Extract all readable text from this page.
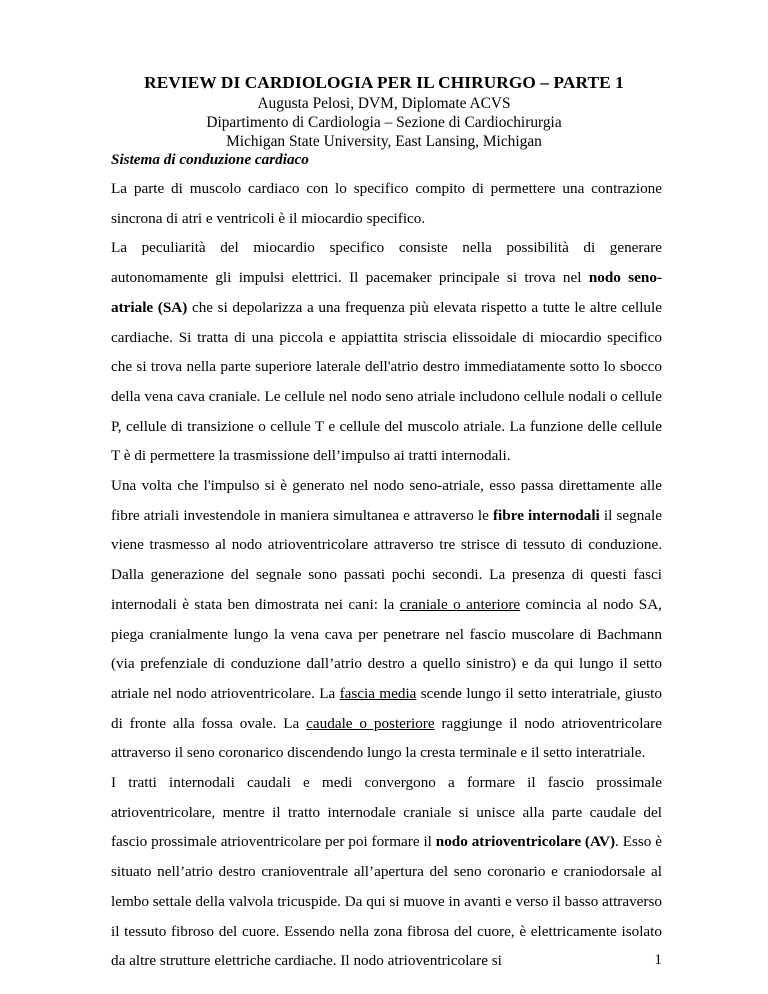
REVIEW DI CARDIOLOGIA PER IL CHIRURGO – PARTE 1
Augusta Pelosi, DVM, Diplomate ACVS
Dipartimento di Cardiologia – Sezione di Cardiochirurgia
Michigan State University, East Lansing, Michigan
Sistema di conduzione cardiaco

La parte di muscolo cardiaco con lo specifico compito di permettere una contrazione sincrona di atri e ventricoli è il miocardio specifico.

La peculiarità del miocardio specifico consiste nella possibilità di generare autonomamente gli impulsi elettrici. Il pacemaker principale si trova nel nodo seno-atriale (SA) che si depolarizza a una frequenza più elevata rispetto a tutte le altre cellule cardiache. Si tratta di una piccola e appiattita striscia elissoidale di miocardio specifico che si trova nella parte superiore laterale dell'atrio destro immediatamente sotto lo sbocco della vena cava craniale. Le cellule nel nodo seno atriale includono cellule nodali o cellule P, cellule di transizione o cellule T e cellule del muscolo atriale. La funzione delle cellule T è di permettere la trasmissione dell’impulso ai tratti internodali.

Una volta che l'impulso si è generato nel nodo seno-atriale, esso passa direttamente alle fibre atriali investendole in maniera simultanea e attraverso le fibre internodali il segnale viene trasmesso al nodo atrioventricolare attraverso tre strisce di tessuto di conduzione. Dalla generazione del segnale sono passati pochi secondi. La presenza di questi fasci internodali è stata ben dimostrata nei cani: la craniale o anteriore comincia al nodo SA, piega cranialmente lungo la vena cava per penetrare nel fascio muscolare di Bachmann (via prefenziale di conduzione dall’atrio destro a quello sinistro) e da qui lungo il setto atriale nel nodo atrioventricolare. La fascia media scende lungo il setto interatriale, giusto di fronte alla fossa ovale. La caudale o posteriore raggiunge il nodo atrioventricolare attraverso il seno coronarico discendendo lungo la cresta terminale e il setto interatriale.

I tratti internodali caudali e medi convergono a formare il fascio prossimale atrioventricolare, mentre il tratto internodale craniale si unisce alla parte caudale del fascio prossimale atrioventricolare per poi formare il nodo atrioventricolare (AV). Esso è situato nell’atrio destro cranioventrale all’apertura del seno coronario e craniodorsale al lembo settale della valvola tricuspide. Da qui si muove in avanti e verso il basso attraverso il tessuto fibroso del cuore. Essendo nella zona fibrosa del cuore, è elettricamente isolato da altre strutture elettriche cardiache. Il nodo atrioventricolare si	1
